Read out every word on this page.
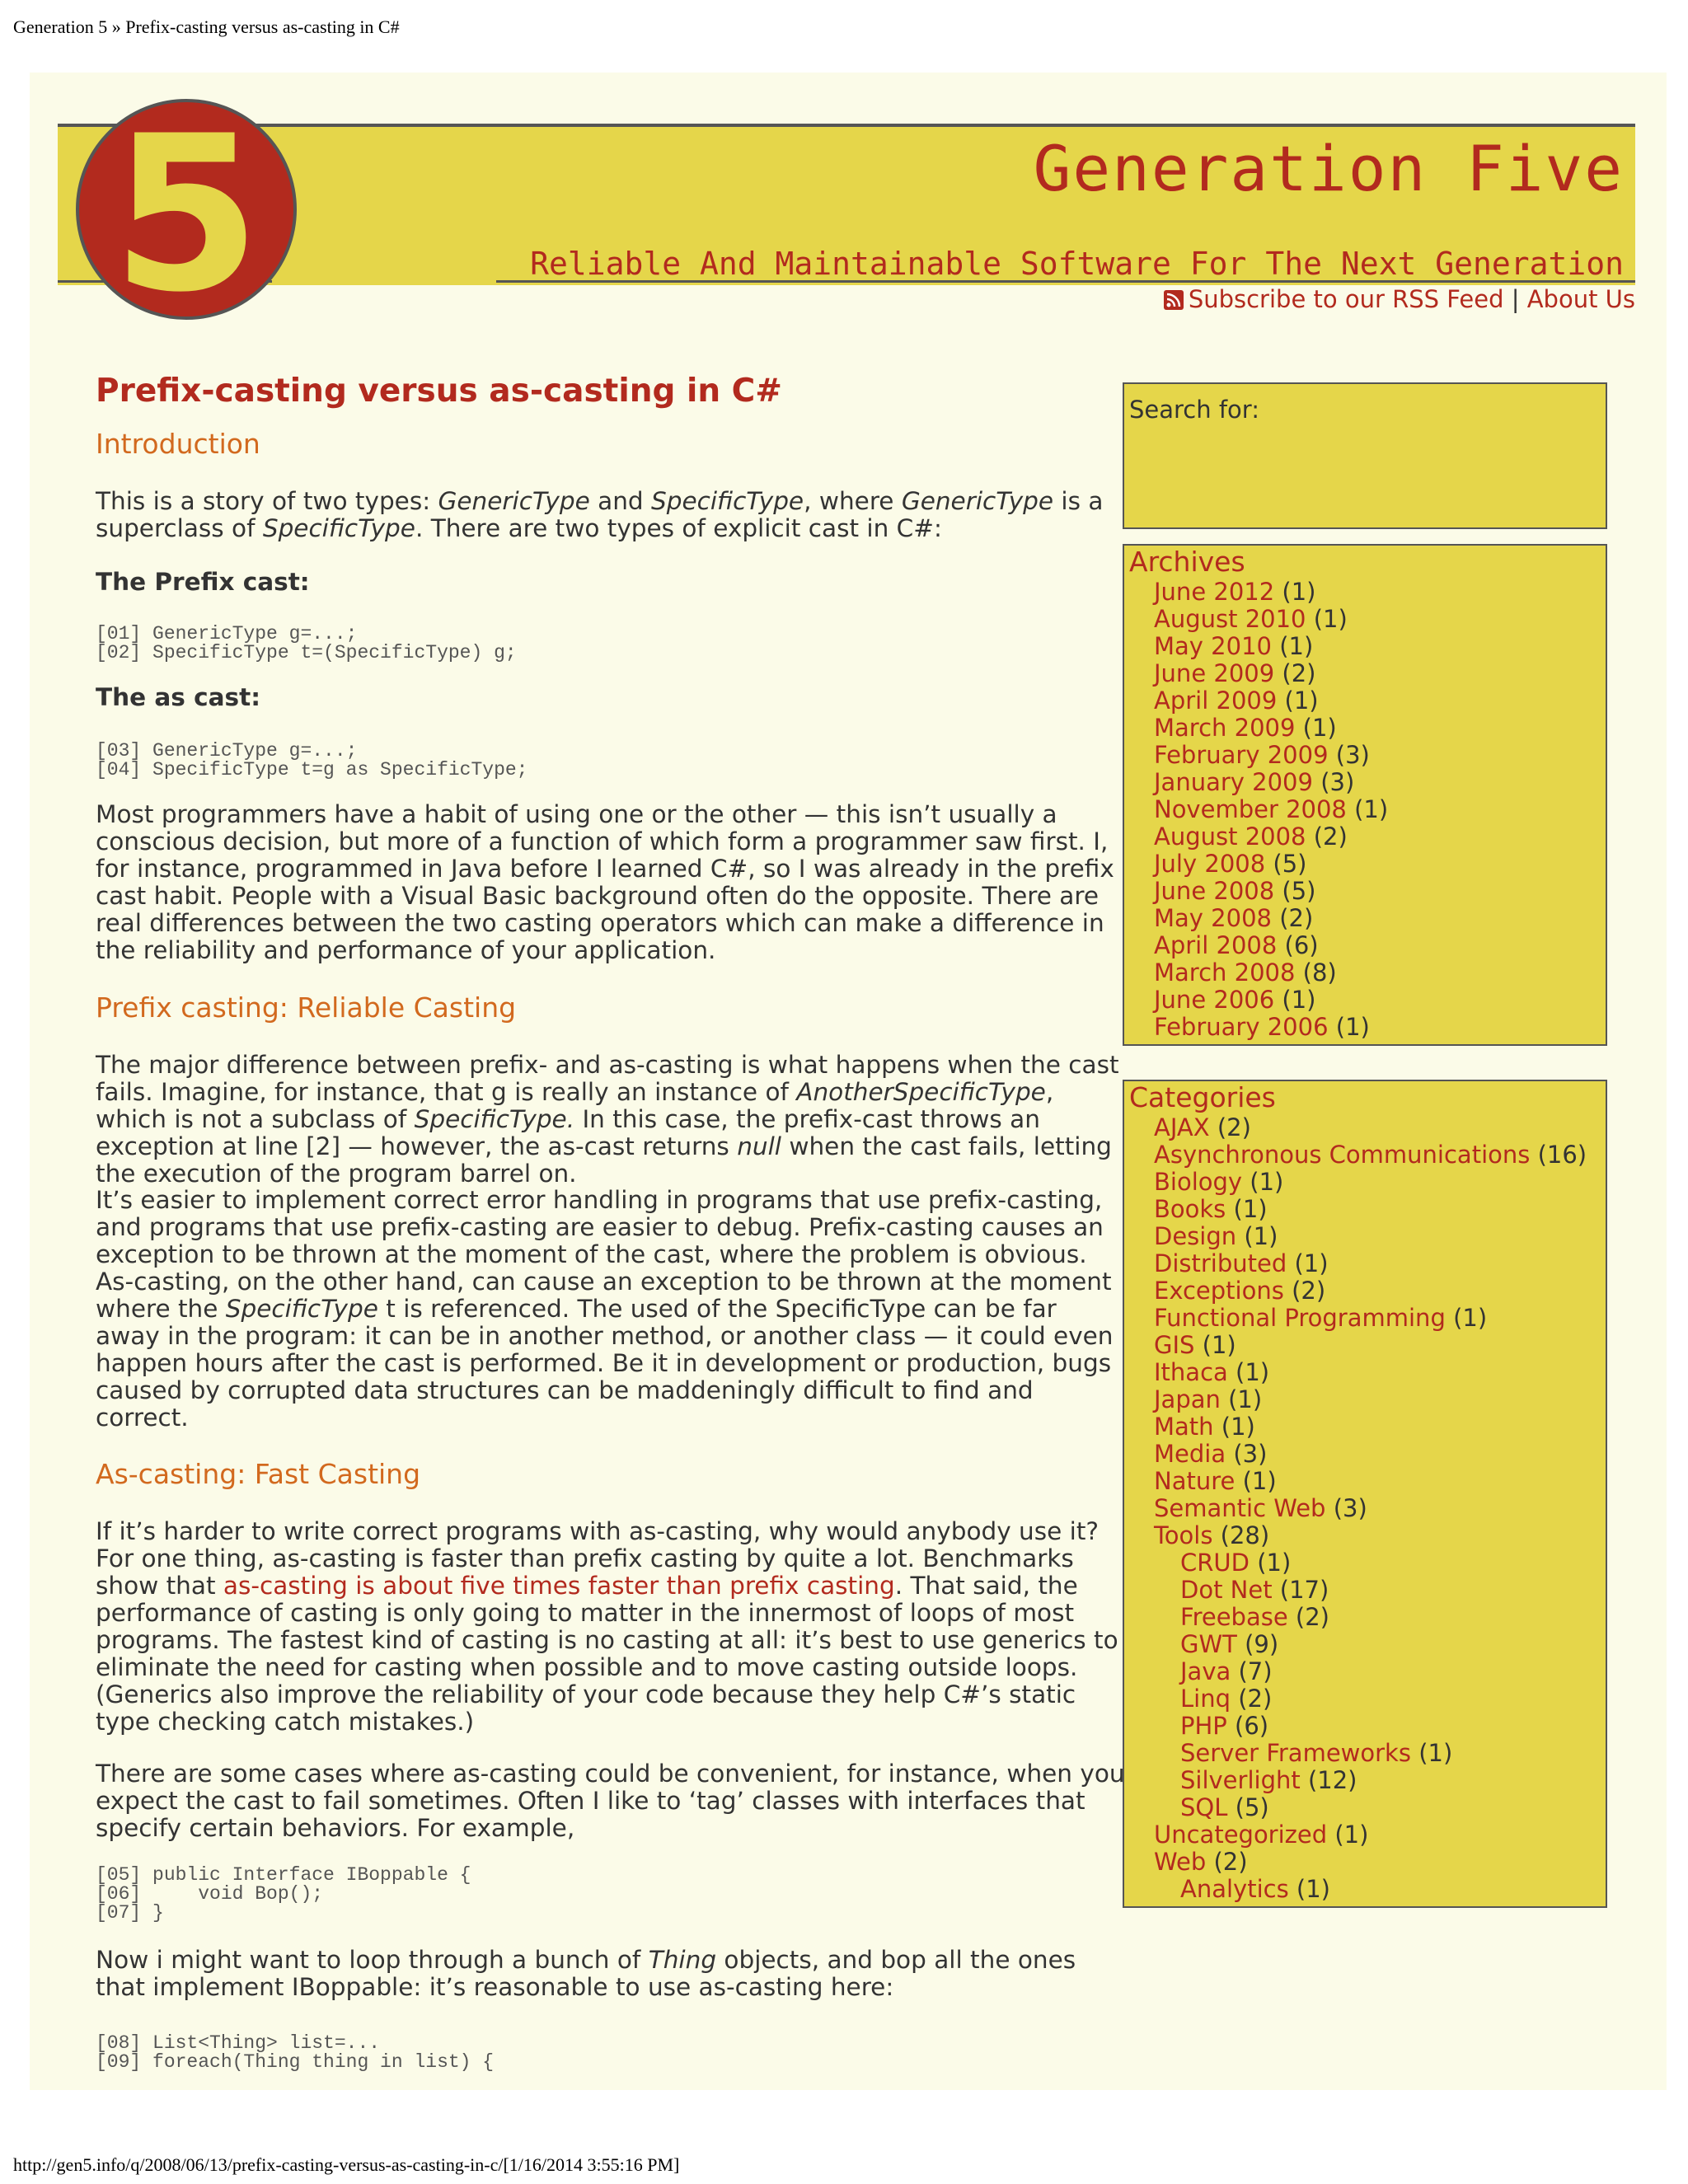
Generation 5 » Prefix-casting versus as-casting in C#
5	Generation Five
Reliable And Maintainable Software For The Next Generation
Subscribe to our RSS Feed | About Us
Search for:
Archives
June 2012 (1)
August 2010 (1)
May 2010 (1)
June 2009 (2)
April 2009 (1)
March 2009 (1)
February 2009 (3)
January 2009 (3)
November 2008 (1)
August 2008 (2)
July 2008 (5)
June 2008 (5)
May 2008 (2)
April 2008 (6)
March 2008 (8)
June 2006 (1)
February 2006 (1)
Categories
AJAX (2)
Asynchronous Communications (16)
Biology (1)
Books (1)
Design (1)
Distributed (1)
Exceptions (2)
Functional Programming (1)
GIS (1)
Ithaca (1)
Japan (1)
Math (1)
Media (3)
Nature (1)
Semantic Web (3)
Tools (28)
CRUD (1)
Dot Net (17)
Freebase (2)
GWT (9)
Java (7)
Linq (2)
PHP (6)
Server Frameworks (1)
Silverlight (12)
SQL (5)
Uncategorized (1)
Web (2)
Analytics (1)
Prefix-casting versus as-casting in C#
Introduction

This is a story of two types: GenericType and SpecificType, where GenericType is a superclass of SpecificType. There are two types of explicit cast in C#:

The Prefix cast:
[01] GenericType g=...;
[02] SpecificType t=(SpecificType) g;
The as cast:
[03] GenericType g=...;
[04] SpecificType t=g as SpecificType;

Most programmers have a habit of using one or the other — this isn’t usually a conscious decision, but more of a function of which form a programmer saw first. I, for instance, programmed in Java before I learned C#, so I was already in the prefix cast habit. People with a Visual Basic background often do the opposite. There are real differences between the two casting operators which can make a difference in the reliability and performance of your application.

Prefix casting: Reliable Casting

The major difference between prefix- and as-casting is what happens when the cast fails. Imagine, for instance, that g is really an instance of AnotherSpecificType, which is not a subclass of SpecificType. In this case, the prefix-cast throws an exception at line [2] — however, the as-cast returns null when the cast fails, letting the execution of the program barrel on.

It’s easier to implement correct error handling in programs that use prefix-casting, and programs that use prefix-casting are easier to debug. Prefix-casting causes an exception to be thrown at the moment of the cast, where the problem is obvious. As-casting, on the other hand, can cause an exception to be thrown at the moment where the SpecificType t is referenced. The used of the SpecificType can be far away in the program: it can be in another method, or another class — it could even happen hours after the cast is performed. Be it in development or production, bugs caused by corrupted data structures can be maddeningly difficult to find and correct.

As-casting: Fast Casting

If it’s harder to write correct programs with as-casting, why would anybody use it? For one thing, as-casting is faster than prefix casting by quite a lot. Benchmarks show that as-casting is about five times faster than prefix casting. That said, the performance of casting is only going to matter in the innermost of loops of most programs. The fastest kind of casting is no casting at all: it’s best to use generics to eliminate the need for casting when possible and to move casting outside loops. (Generics also improve the reliability of your code because they help C#’s static type checking catch mistakes.)

There are some cases where as-casting could be convenient, for instance, when you expect the cast to fail sometimes. Often I like to ‘tag’ classes with interfaces that specify certain behaviors. For example,

[05] public Interface IBoppable {
[06]     void Bop();
[07] }

Now i might want to loop through a bunch of Thing objects, and bop all the ones that implement IBoppable: it’s reasonable to use as-casting here:

[08] List<Thing> list=...
[09] foreach(Thing thing in list) {
http://gen5.info/q/2008/06/13/prefix-casting-versus-as-casting-in-c/[1/16/2014 3:55:16 PM]
